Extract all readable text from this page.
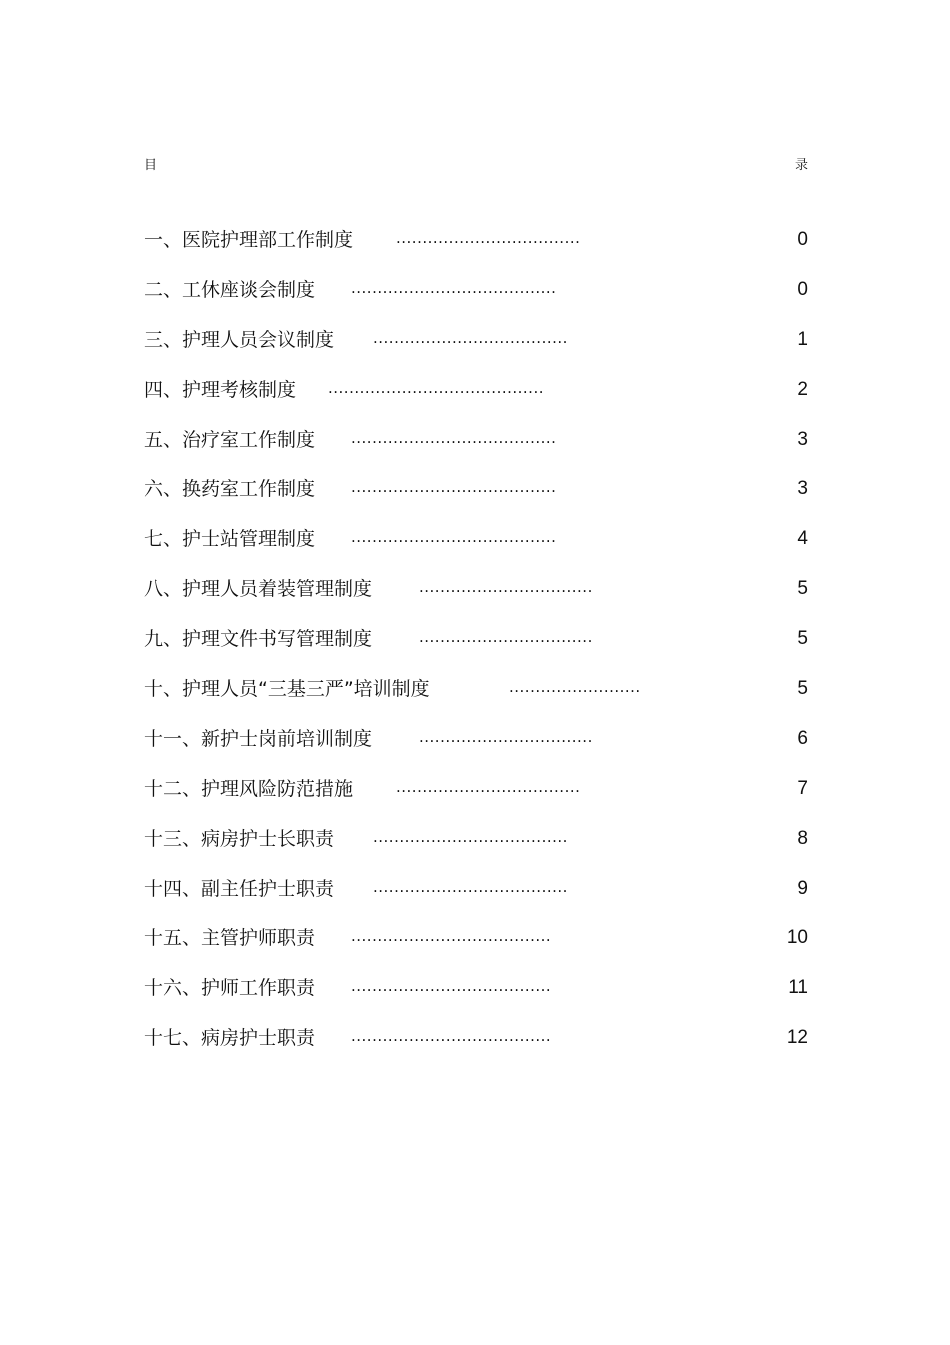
目	录
一、医院护理部工作制度	...................................	0
二、工休座谈会制度 .......................................	0
三、护理人员会议制度	.....................................	1
四、护理考核制度 .........................................	2
五、治疗室工作制度 .......................................	3
六、换药室工作制度 .......................................	3
七、护士站管理制度 .......................................	4
八、护理人员着装管理制度	.................................	5
九、护理文件书写管理制度	.................................	5
十、护理人员“三基三严”培训制度	.........................	5
十一、新护士岗前培训制度	.................................	6
十二、护理风险防范措施	...................................	7
十三、病房护士长职责	.....................................	8
十四、副主任护士职责	.....................................	9
十五、主管护师职责 ......................................	10
十六、护师工作职责 ......................................	11
十七、病房护士职责 ......................................	12
